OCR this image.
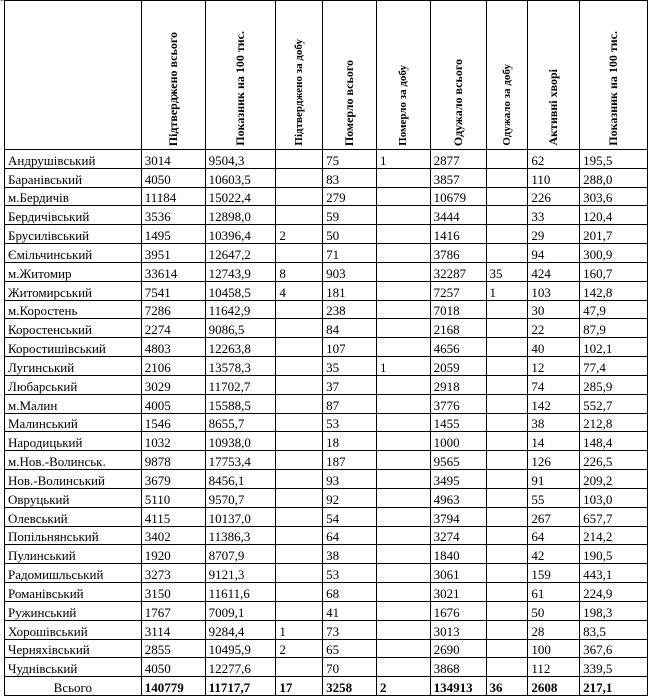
	Підтверджено всього	Показник на 100 тис.	Підтверджено за добу	Померло всього	Померло за добу	Одужало всього	Одужало за добу	Активні хворі	Показник на 100 тис.

Андрушівський	3014	9504,3		75	1	2877		62	195,5
Баранівський	4050	10603,5		83		3857		110	288,0
м.Бердичів	11184	15022,4		279		10679		226	303,6
Бердичівський	3536	12898,0		59		3444		33	120,4
Брусилівський	1495	10396,4	2	50		1416		29	201,7
Ємільчинський	3951	12647,2		71		3786		94	300,9
м.Житомир	33614	12743,9	8	903		32287	35	424	160,7
Житомирський	7541	10458,5	4	181		7257	1	103	142,8
м.Коростень	7286	11642,9		238		7018		30	47,9
Коростенський	2274	9086,5		84		2168		22	87,9
Коростишівський	4803	12263,8		107		4656		40	102,1
Лугинський	2106	13578,3		35	1	2059		12	77,4
Любарський	3029	11702,7		37		2918		74	285,9
м.Малин	4005	15588,5		87		3776		142	552,7
Малинський	1546	8655,7		53		1455		38	212,8
Народицький	1032	10938,0		18		1000		14	148,4
м.Нов.-Волинськ.	9878	17753,4		187		9565		126	226,5
Нов.-Волинський	3679	8456,1		93		3495		91	209,2
Овруцький	5110	9570,7		92		4963		55	103,0
Олевський	4115	10137,0		54		3794		267	657,7
Попільнянський	3402	11386,3		64		3274		64	214,2
Пулинський	1920	8707,9		38		1840		42	190,5
Радомишльський	3273	9121,3		53		3061		159	443,1
Романівський	3150	11611,6		68		3021		61	224,9
Ружинський	1767	7009,1		41		1676		50	198,3
Хорошівський	3114	9284,4	1	73		3013		28	83,5
Черняхівський	2855	10495,9	2	65		2690		100	367,6
Чуднівський	4050	12277,6		70		3868		112	339,5
Всього	140779	11717,7	17	3258	2	134913	36	2608	217,1
